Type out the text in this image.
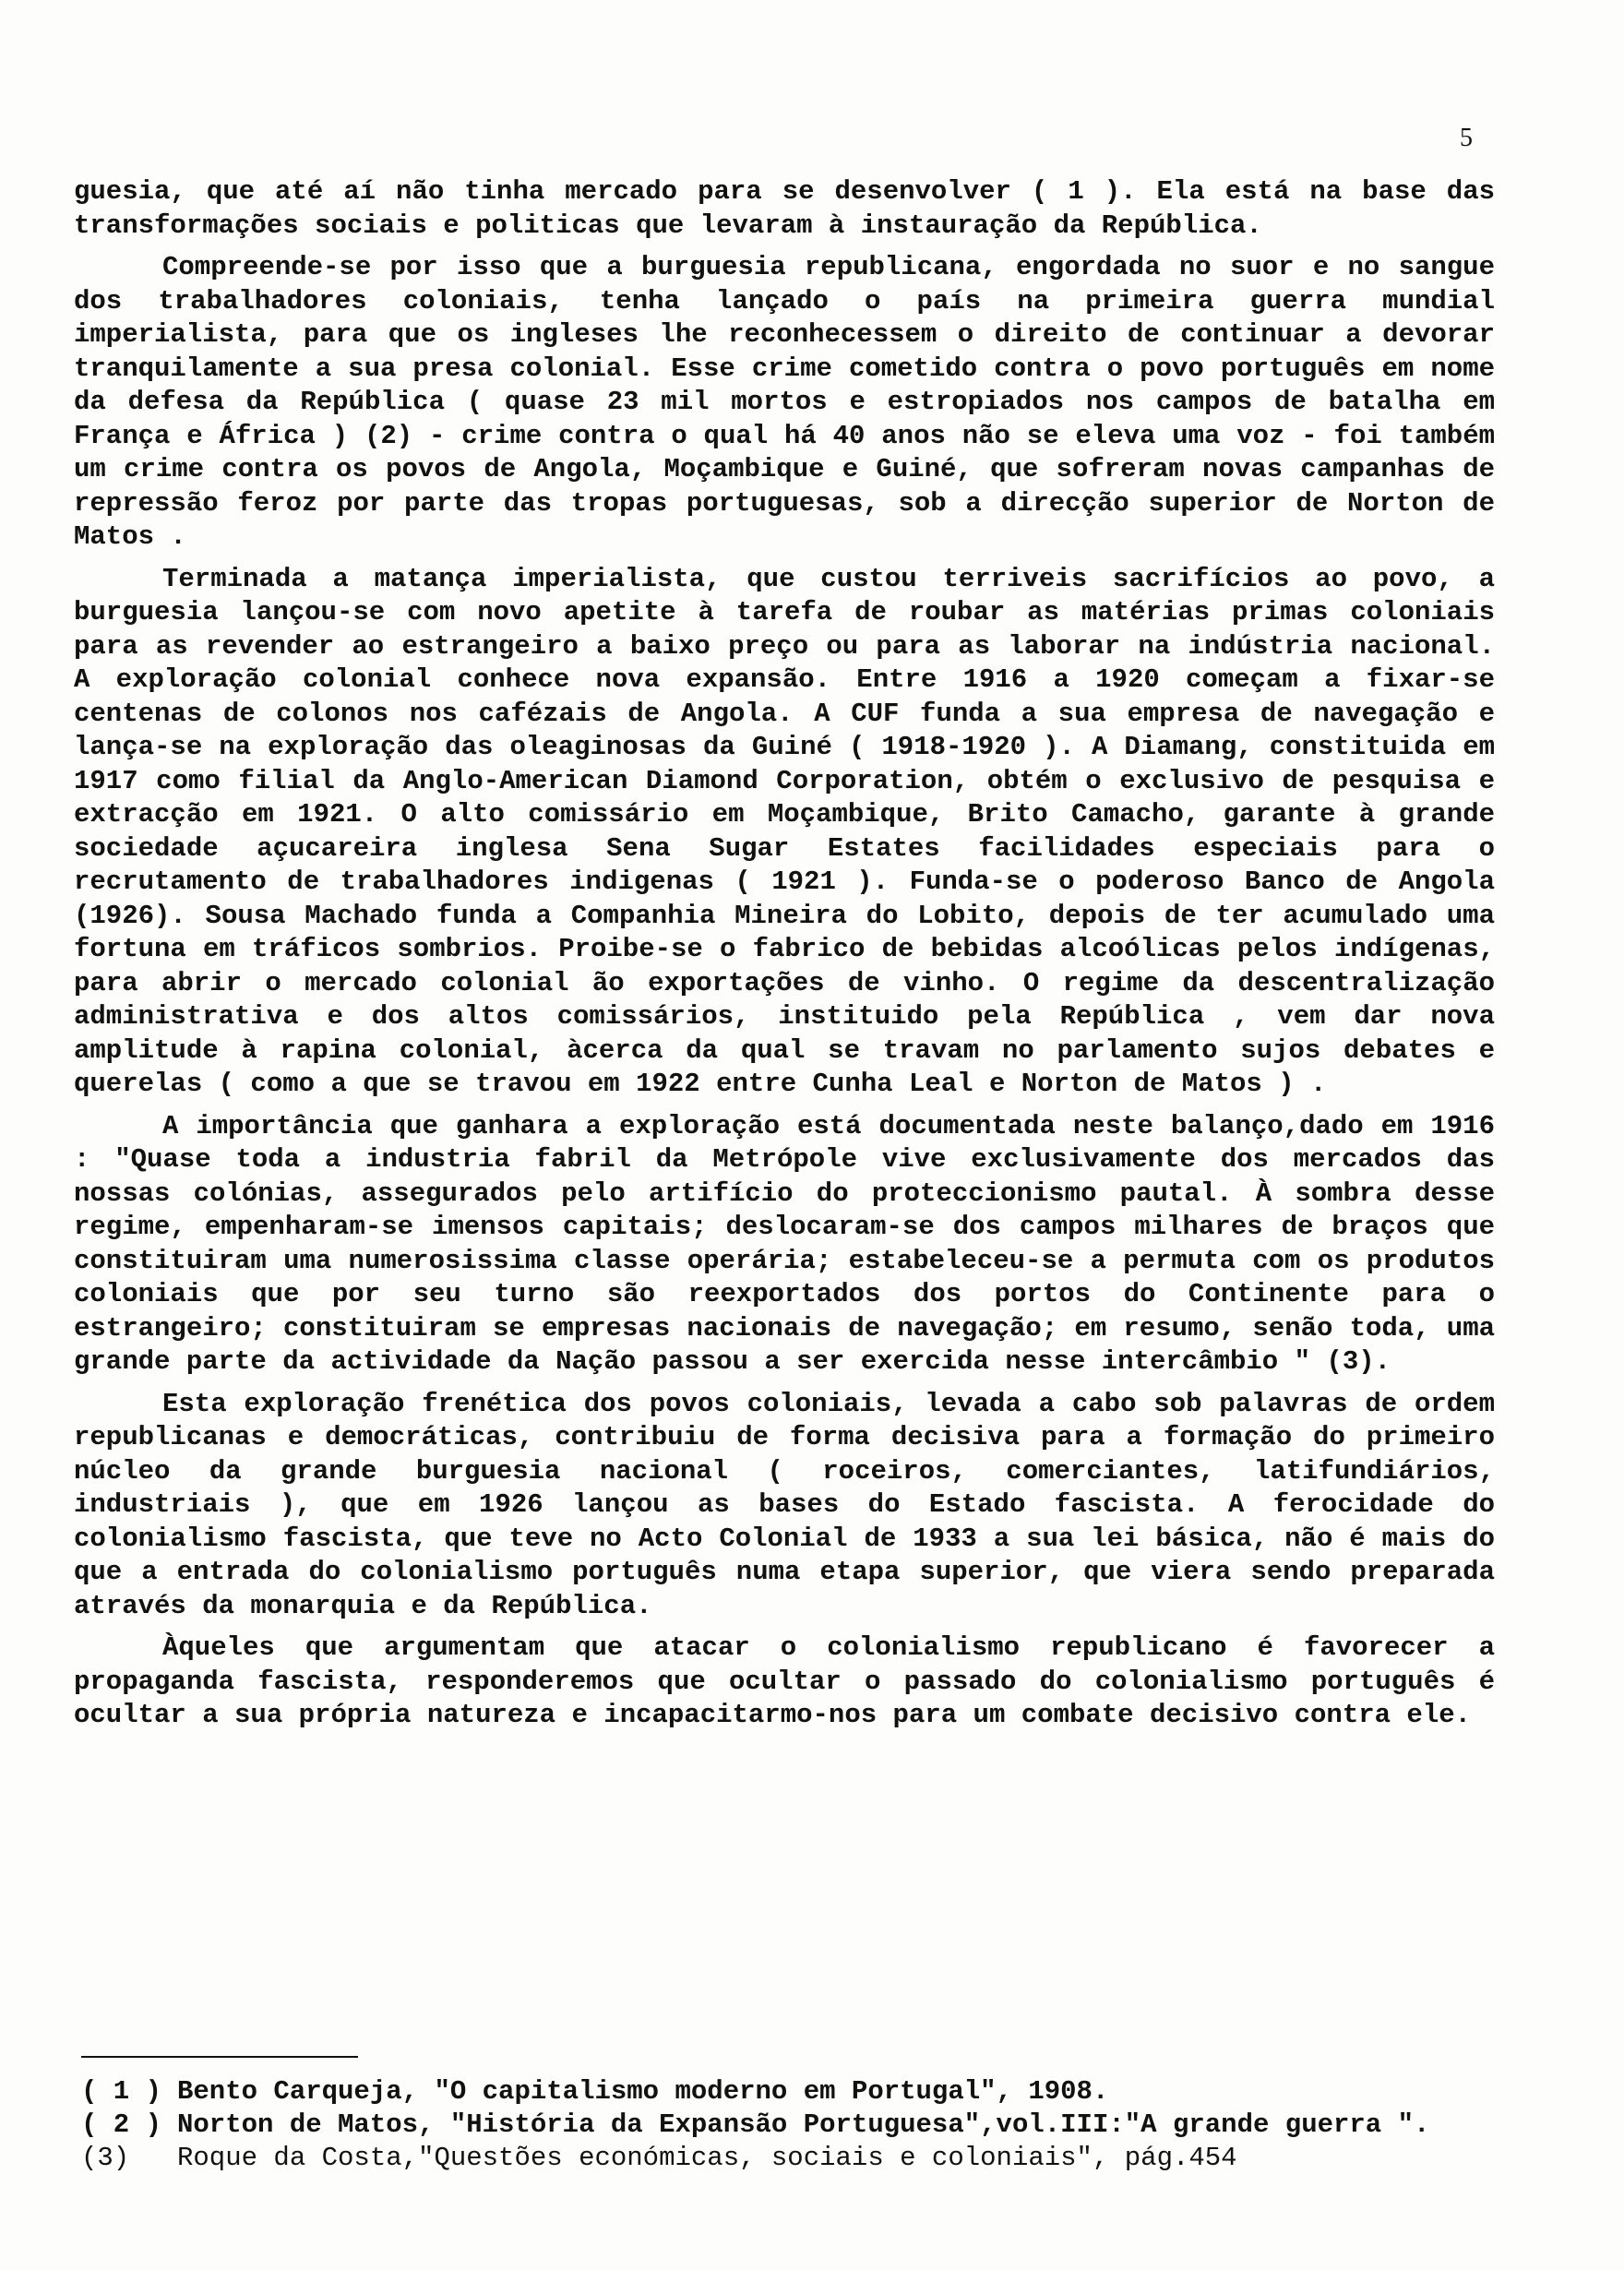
5

guesia, que até aí não tinha mercado para se desenvolver ( 1 ). Ela está na base das transformações sociais e politicas que levaram à instauração da República.

Compreende-se por isso que a burguesia republicana, engordada no suor e no sangue dos trabalhadores coloniais, tenha lançado o país na primeira guerra mundial imperialista, para que os ingleses lhe reconhecessem o direito de continuar a devorar tranquilamente a sua presa colonial. Esse crime cometido contra o povo português em nome da defesa da República ( quase 23 mil mortos e estropiados nos campos de batalha em França e África ) (2) - crime contra o qual há 40 anos não se eleva uma voz - foi também um crime contra os povos de Angola, Moçambique e Guiné, que sofreram novas campanhas de repressão feroz por parte das tropas portuguesas, sob a direcção superior de Norton de Matos .

Terminada a matança imperialista, que custou terriveis sacrifícios ao povo, a burguesia lançou-se com novo apetite à tarefa de roubar as matérias primas coloniais para as revender ao estrangeiro a baixo preço ou para as laborar na indústria nacional. A exploração colonial conhece nova expansão. Entre 1916 a 1920 começam a fixar-se centenas de colonos nos cafézais de Angola. A CUF funda a sua empresa de navegação e lança-se na exploração das oleaginosas da Guiné ( 1918-1920 ). A Diamang, constituida em 1917 como filial da Anglo-American Diamond Corporation, obtém o exclusivo de pesquisa e extracção em 1921. O alto comissário em Moçambique, Brito Camacho, garante à grande sociedade açucareira inglesa Sena Sugar Estates facilidades especiais para o recrutamento de trabalhadores indigenas ( 1921 ). Funda-se o poderoso Banco de Angola (1926). Sousa Machado funda a Companhia Mineira do Lobito, depois de ter acumulado uma fortuna em tráficos sombrios. Proibe-se o fabrico de bebidas alcoólicas pelos indígenas, para abrir o mercado colonial ão exportações de vinho. O regime da descentralização administrativa e dos altos comissários, instituido pela República , vem dar nova amplitude à rapina colonial, àcerca da qual se travam no parlamento sujos debates e querelas ( como a que se travou em 1922 entre Cunha Leal e Norton de Matos ) .

A importância que ganhara a exploração está documentada neste balanço,dado em 1916 : "Quase toda a industria fabril da Metrópole vive exclusivamente dos mercados das nossas colónias, assegurados pelo artifício do proteccionismo pautal. À sombra desse regime, empenharam-se imensos capitais; deslocaram-se dos campos milhares de braços que constituiram uma numerosissima classe operária; estabeleceu-se a permuta com os produtos coloniais que por seu turno são reexportados dos portos do Continente para o estrangeiro; constituiram se empresas nacionais de navegação; em resumo, senão toda, uma grande parte da actividade da Nação passou a ser exercida nesse intercâmbio " (3).

Esta exploração frenética dos povos coloniais, levada a cabo sob palavras de ordem republicanas e democráticas, contribuiu de forma decisiva para a formação do primeiro núcleo da grande burguesia nacional ( roceiros, comerciantes, latifundiários, industriais ), que em 1926 lançou as bases do Estado fascista. A ferocidade do colonialismo fascista, que teve no Acto Colonial de 1933 a sua lei básica, não é mais do que a entrada do colonialismo português numa etapa superior, que viera sendo preparada através da monarquia e da República.

Àqueles que argumentam que atacar o colonialismo republicano é favorecer a propaganda fascista, responderemos que ocultar o passado do colonialismo português é ocultar a sua própria natureza e incapacitarmo-nos para um combate decisivo contra ele.

( 1 ) Bento Carqueja, "O capitalismo moderno em Portugal", 1908.
( 2 ) Norton de Matos, "História da Expansão Portuguesa",vol.III:"A grande guerra ".
(3)	Roque da Costa,"Questões económicas, sociais e coloniais", pág.454
